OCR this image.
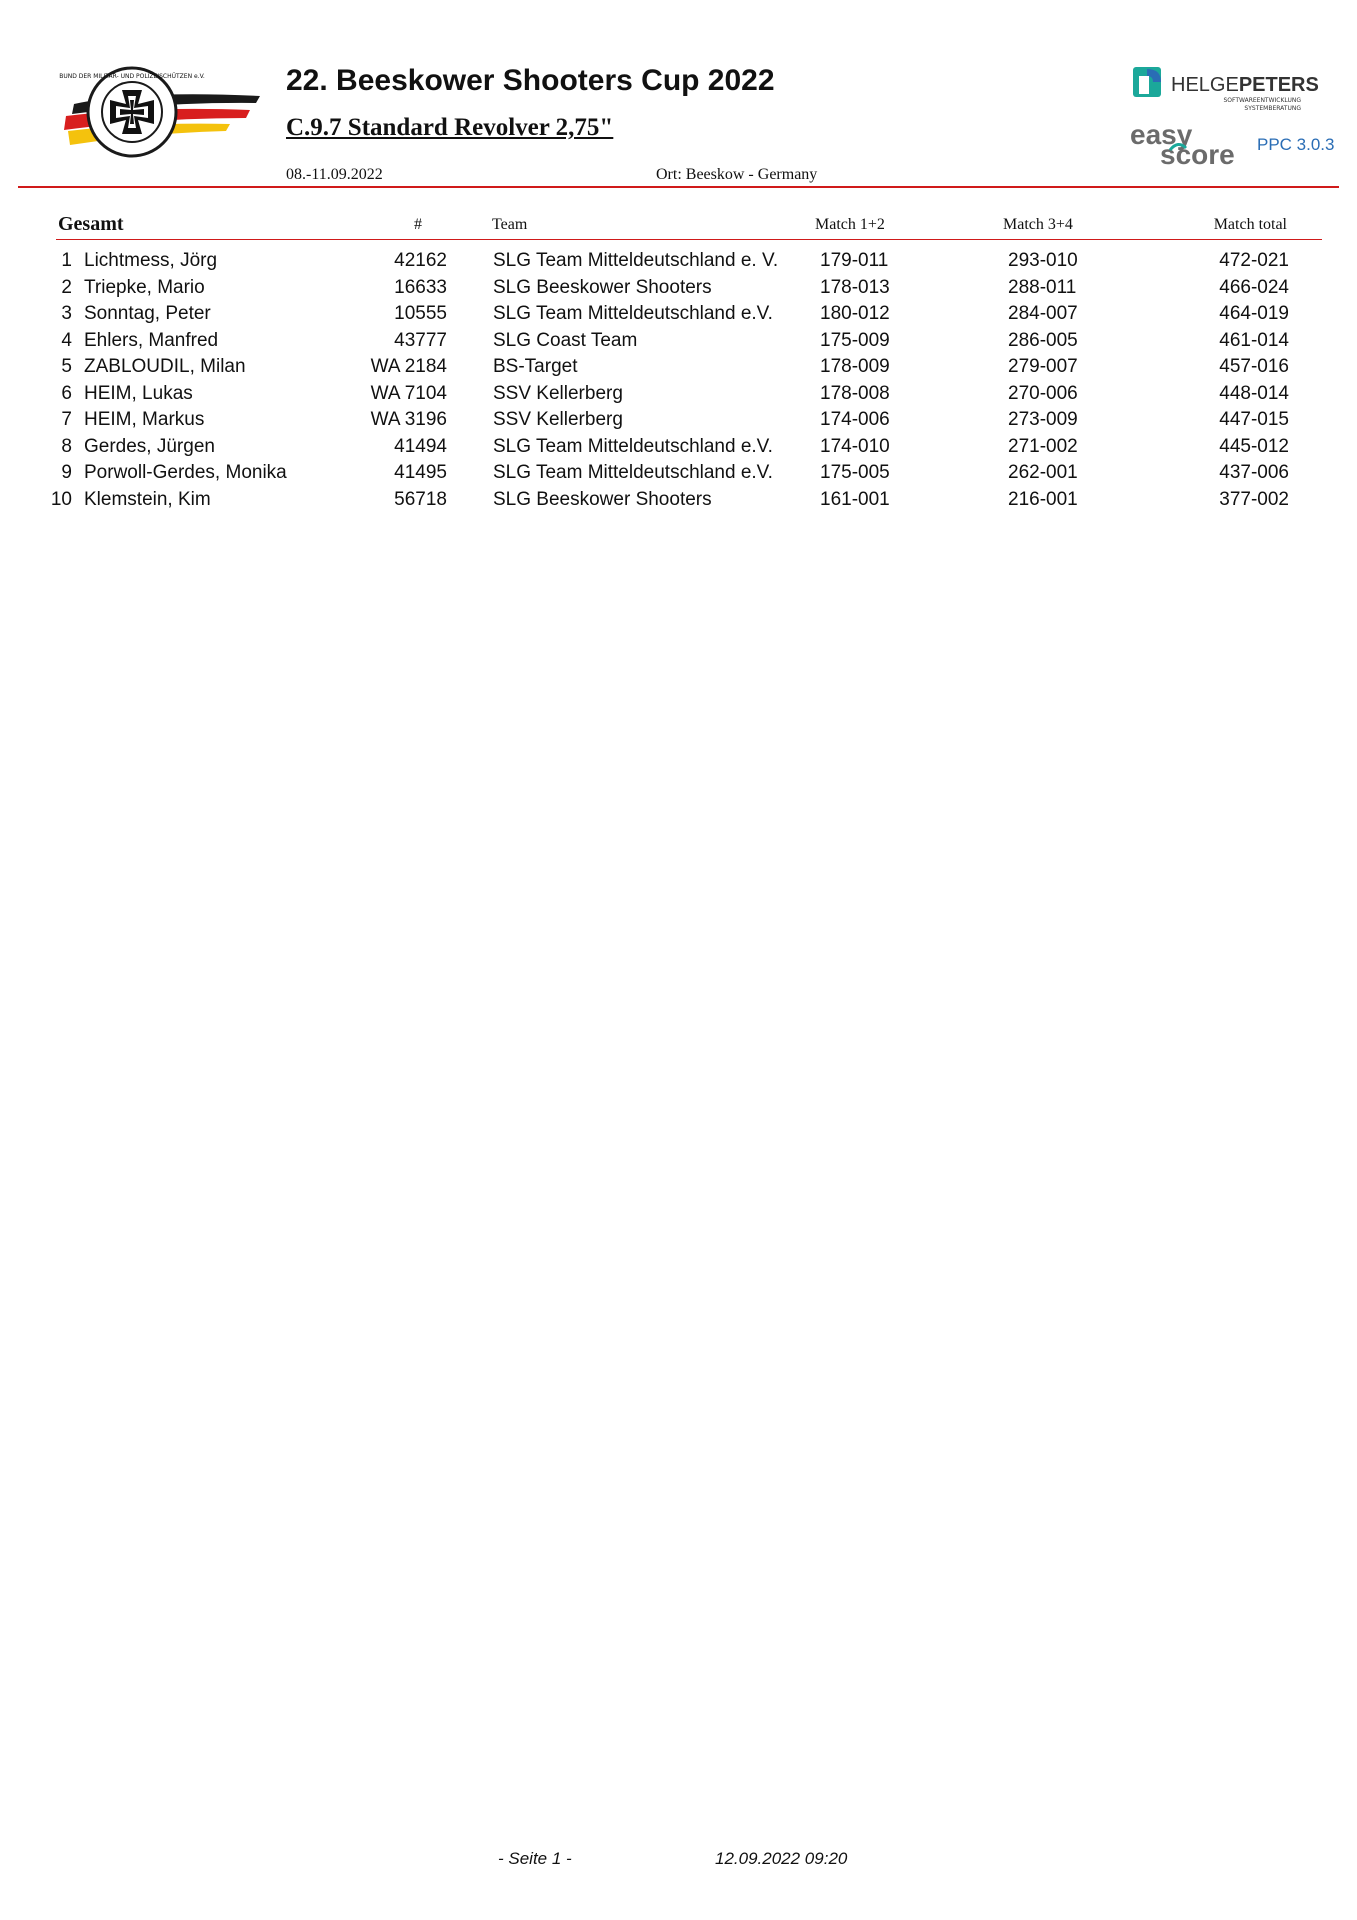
BUND DER MILITÄR- UND POLIZEISCHÜTZEN e.V.	22. Beeskower Shooters Cup 2022
C.9.7 Standard Revolver 2,75"
08.-11.09.2022	Ort: Beeskow - Germany
HELGEPETERS
SOFTWAREENTWICKLUNG
SYSTEMBERATUNG
easy
score PPC 3.0.3
Gesamt	#	Team	Match 1+2	Match 3+4	Match total
1 Lichtmess, Jörg	42162 SLG Team Mitteldeutschland e. V. 179-011	293-010	472-021
2 Triepke, Mario	16633 SLG Beeskower Shooters	178-013	288-011	466-024
3 Sonntag, Peter	10555 SLG Team Mitteldeutschland e.V. 180-012	284-007	464-019
4 Ehlers, Manfred	43777 SLG Coast Team	175-009	286-005	461-014
5 ZABLOUDIL, Milan	WA 2184 BS-Target	178-009	279-007	457-016
6 HEIM, Lukas	WA 7104 SSV Kellerberg	178-008	270-006	448-014
7 HEIM, Markus	WA 3196 SSV Kellerberg	174-006	273-009	447-015
8 Gerdes, Jürgen	41494 SLG Team Mitteldeutschland e.V. 174-010	271-002	445-012
9 Porwoll-Gerdes, Monika	41495 SLG Team Mitteldeutschland e.V. 175-005	262-001	437-006
10 Klemstein, Kim	56718 SLG Beeskower Shooters	161-001	216-001	377-002
- Seite 1 -	12.09.2022 09:20
